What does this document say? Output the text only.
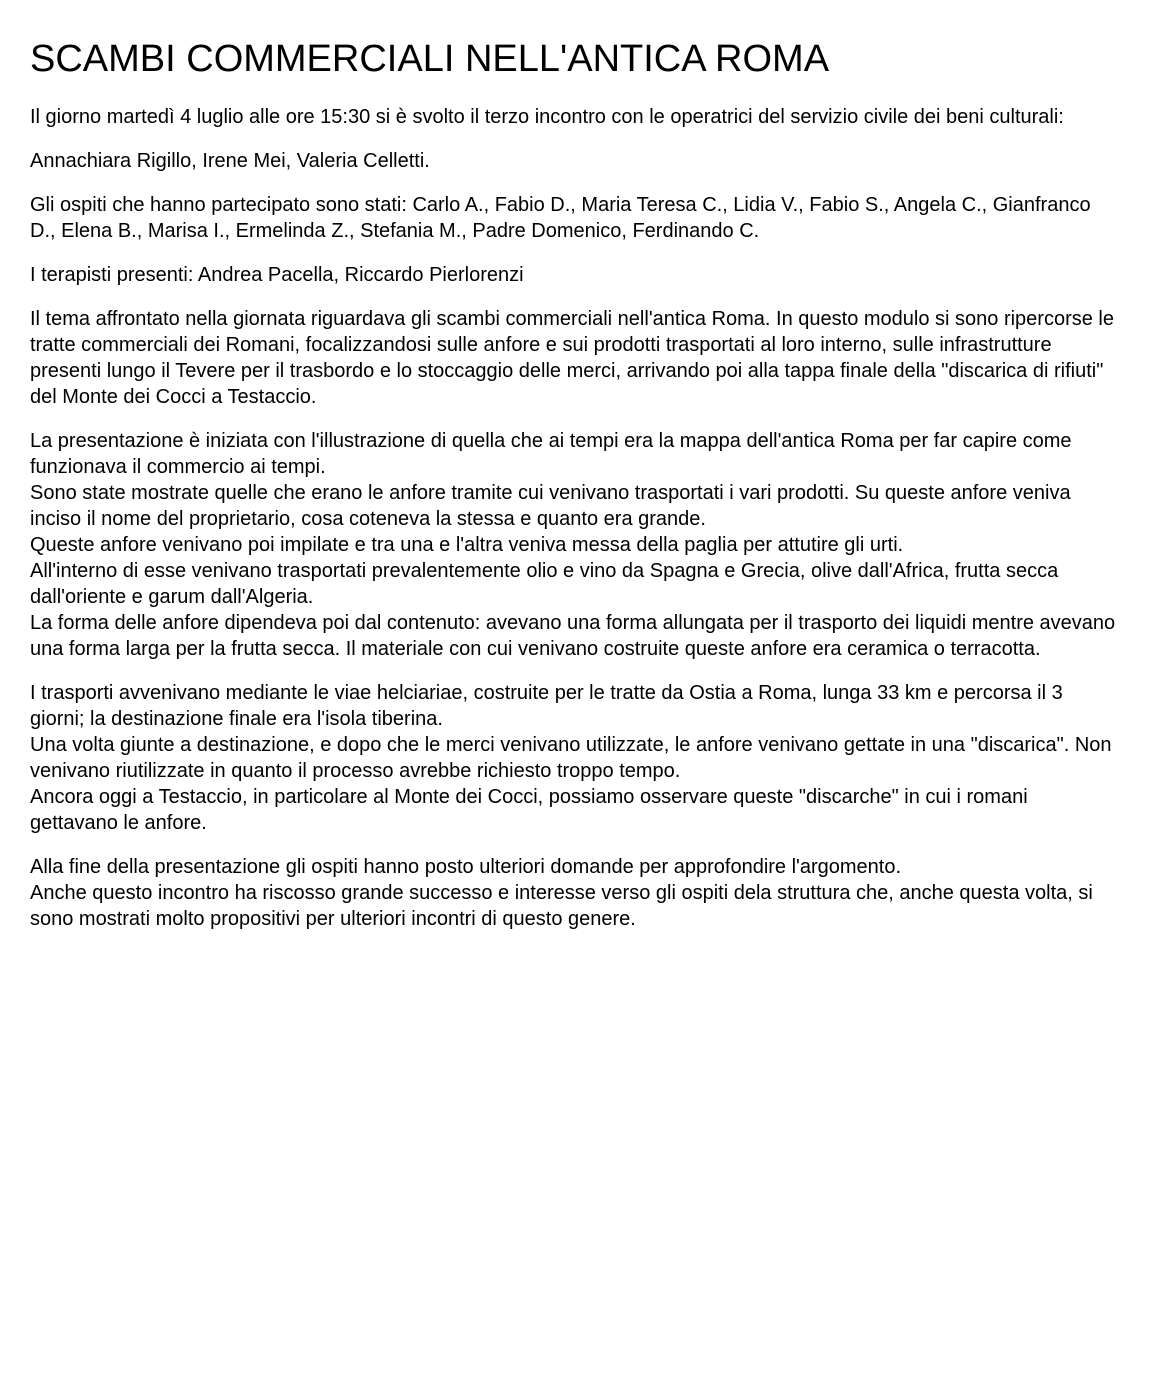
SCAMBI COMMERCIALI NELL'ANTICA ROMA

Il giorno martedì 4 luglio alle ore 15:30 si è svolto il terzo incontro con le operatrici del servizio civile dei beni culturali:

Annachiara Rigillo, Irene Mei, Valeria Celletti.

Gli ospiti che hanno partecipato sono stati: Carlo A., Fabio D., Maria Teresa C., Lidia V., Fabio S., Angela C., Gianfranco D., Elena B., Marisa I., Ermelinda Z., Stefania M., Padre Domenico, Ferdinando C.

I terapisti presenti: Andrea Pacella, Riccardo Pierlorenzi

Il tema affrontato nella giornata riguardava gli scambi commerciali nell'antica Roma. In questo modulo si sono ripercorse le tratte commerciali dei Romani, focalizzandosi sulle anfore e sui prodotti trasportati al loro interno, sulle infrastrutture presenti lungo il Tevere per il trasbordo e lo stoccaggio delle merci, arrivando poi alla tappa finale della "discarica di rifiuti" del Monte dei Cocci a Testaccio.

La presentazione è iniziata con l'illustrazione di quella che ai tempi era la mappa dell'antica Roma per far capire come funzionava il commercio ai tempi.
Sono state mostrate quelle che erano le anfore tramite cui venivano trasportati i vari prodotti. Su queste anfore veniva inciso il nome del proprietario, cosa coteneva la stessa e quanto era grande.
Queste anfore venivano poi impilate e tra una e l'altra veniva messa della paglia per attutire gli urti.
All'interno di esse venivano trasportati prevalentemente olio e vino da Spagna e Grecia, olive dall'Africa, frutta secca dall'oriente e garum dall'Algeria.
La forma delle anfore dipendeva poi dal contenuto: avevano una forma allungata per il trasporto dei liquidi mentre avevano una forma larga per la frutta secca. Il materiale con cui venivano costruite queste anfore era ceramica o terracotta.

I trasporti avvenivano mediante le viae helciariae, costruite per le tratte da Ostia a Roma, lunga 33 km e percorsa il 3 giorni; la destinazione finale era l'isola tiberina.
Una volta giunte a destinazione, e dopo che le merci venivano utilizzate, le anfore venivano gettate in una "discarica". Non venivano riutilizzate in quanto il processo avrebbe richiesto troppo tempo.
Ancora oggi a Testaccio, in particolare al Monte dei Cocci, possiamo osservare queste "discarche" in cui i romani gettavano le anfore.

Alla fine della presentazione gli ospiti hanno posto ulteriori domande per approfondire l'argomento.
Anche questo incontro ha riscosso grande successo e interesse verso gli ospiti dela struttura che, anche questa volta, si sono mostrati molto propositivi per ulteriori incontri di questo genere.
